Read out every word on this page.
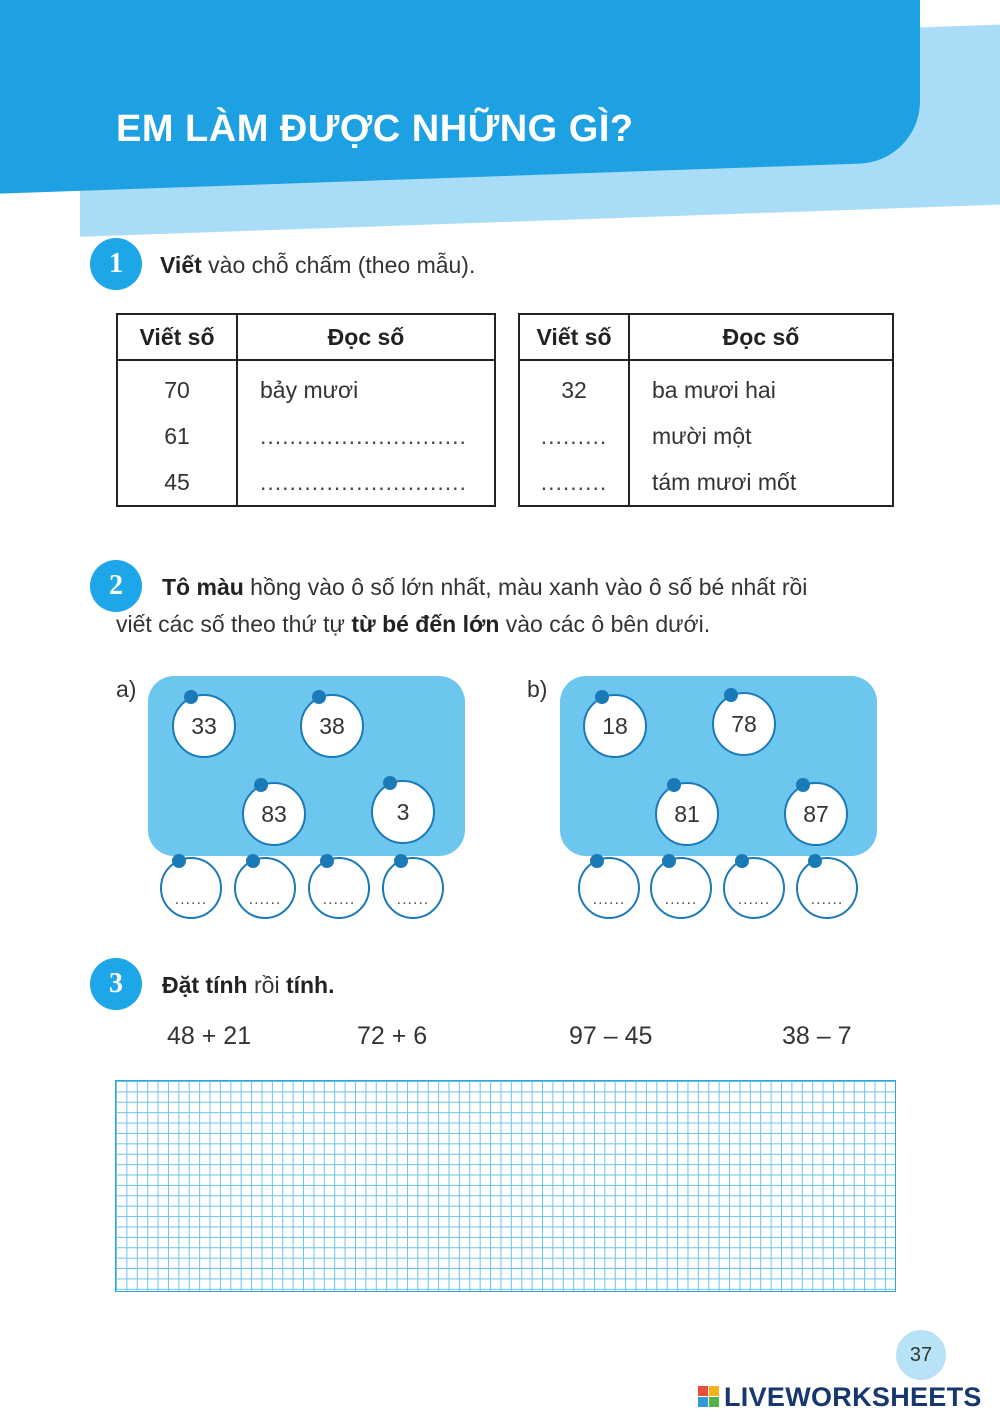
EM LÀM ĐƯỢC NHỮNG GÌ?
1	Viết vào chỗ chấm (theo mẫu).
Viết số	Đọc số
70	bảy mươi
61	............................
45	............................
Viết số	Đọc số
32	ba mươi hai
.........	mười một
.........	tám mươi mốt
2	Tô màu hồng vào ô số lớn nhất, màu xanh vào ô số bé nhất rồi
viết các số theo thứ tự từ bé đến lớn vào các ô bên dưới.
a)
33	38
83	3
......	......	......	......
b)
18	78
81	87
...... ......	......	......
3	Đặt tính rồi tính.
48 + 21	72 + 6	97 – 45	38 – 7
37
LIVEWORKSHEETS
